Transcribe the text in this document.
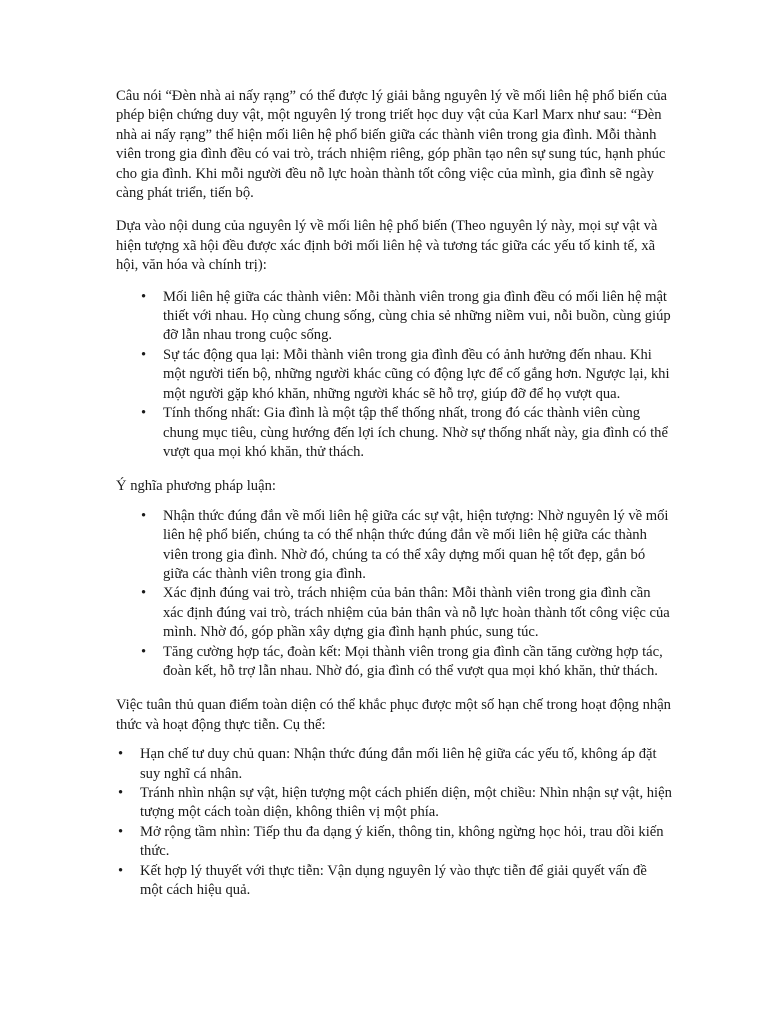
Câu nói “Đèn nhà ai nấy rạng” có thể được lý giải bằng nguyên lý về mối liên hệ phổ biến của phép biện chứng duy vật, một nguyên lý trong triết học duy vật của Karl Marx như sau: “Đèn nhà ai nấy rạng” thể hiện mối liên hệ phổ biến giữa các thành viên trong gia đình. Mỗi thành viên trong gia đình đều có vai trò, trách nhiệm riêng, góp phần tạo nên sự sung túc, hạnh phúc cho gia đình. Khi mỗi người đều nỗ lực hoàn thành tốt công việc của mình, gia đình sẽ ngày càng phát triển, tiến bộ.

Dựa vào nội dung của nguyên lý về mối liên hệ phổ biến (Theo nguyên lý này, mọi sự vật và hiện tượng xã hội đều được xác định bởi mối liên hệ và tương tác giữa các yếu tố kinh tế, xã hội, văn hóa và chính trị):

• Mối liên hệ giữa các thành viên: Mỗi thành viên trong gia đình đều có mối liên hệ mật thiết với nhau. Họ cùng chung sống, cùng chia sẻ những niềm vui, nỗi buồn, cùng giúp đỡ lẫn nhau trong cuộc sống.
• Sự tác động qua lại: Mỗi thành viên trong gia đình đều có ảnh hưởng đến nhau. Khi một người tiến bộ, những người khác cũng có động lực để cố gắng hơn. Ngược lại, khi một người gặp khó khăn, những người khác sẽ hỗ trợ, giúp đỡ để họ vượt qua.
• Tính thống nhất: Gia đình là một tập thể thống nhất, trong đó các thành viên cùng chung mục tiêu, cùng hướng đến lợi ích chung. Nhờ sự thống nhất này, gia đình có thể vượt qua mọi khó khăn, thử thách.

Ý nghĩa phương pháp luận:

• Nhận thức đúng đắn về mối liên hệ giữa các sự vật, hiện tượng: Nhờ nguyên lý về mối liên hệ phổ biến, chúng ta có thể nhận thức đúng đắn về mối liên hệ giữa các thành viên trong gia đình. Nhờ đó, chúng ta có thể xây dựng mối quan hệ tốt đẹp, gắn bó giữa các thành viên trong gia đình.
• Xác định đúng vai trò, trách nhiệm của bản thân: Mỗi thành viên trong gia đình cần xác định đúng vai trò, trách nhiệm của bản thân và nỗ lực hoàn thành tốt công việc của mình. Nhờ đó, góp phần xây dựng gia đình hạnh phúc, sung túc.
• Tăng cường hợp tác, đoàn kết: Mọi thành viên trong gia đình cần tăng cường hợp tác, đoàn kết, hỗ trợ lẫn nhau. Nhờ đó, gia đình có thể vượt qua mọi khó khăn, thử thách.

Việc tuân thủ quan điểm toàn diện có thể khắc phục được một số hạn chế trong hoạt động nhận thức và hoạt động thực tiễn. Cụ thể:

• Hạn chế tư duy chủ quan: Nhận thức đúng đắn mối liên hệ giữa các yếu tố, không áp đặt suy nghĩ cá nhân.
• Tránh nhìn nhận sự vật, hiện tượng một cách phiến diện, một chiều: Nhìn nhận sự vật, hiện tượng một cách toàn diện, không thiên vị một phía.
• Mở rộng tầm nhìn: Tiếp thu đa dạng ý kiến, thông tin, không ngừng học hỏi, trau dồi kiến thức.
• Kết hợp lý thuyết với thực tiễn: Vận dụng nguyên lý vào thực tiễn để giải quyết vấn đề một cách hiệu quả.
